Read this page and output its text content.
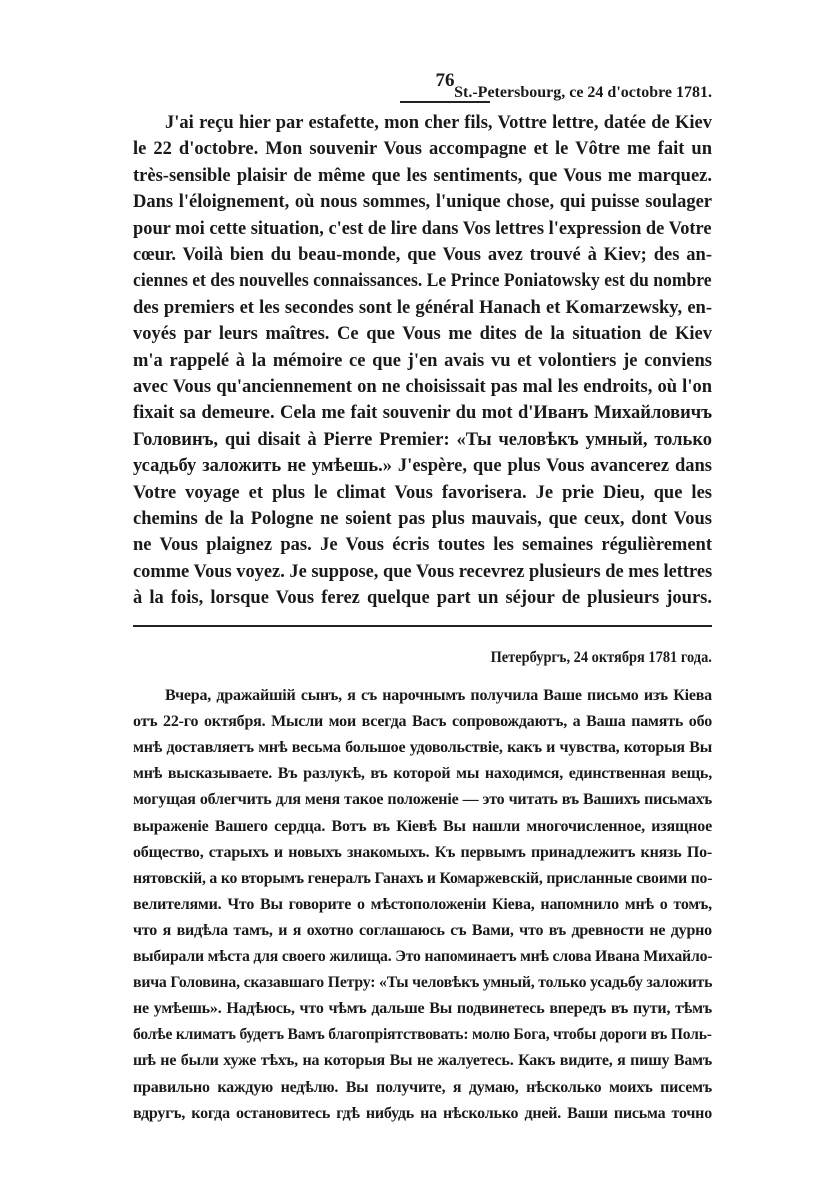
76
St.-Petersbourg, ce 24 d'octobre 1781.
J'ai reçu hier par estafette, mon cher fils, Vottre lettre, datée de Kiev
le 22 d'octobre. Mon souvenir Vous accompagne et le Vôtre me fait un
très-sensible plaisir de même que les sentiments, que Vous me marquez.
Dans l'éloignement, où nous sommes, l'unique chose, qui puisse soulager
pour moi cette situation, c'est de lire dans Vos lettres l'expression de Votre
cœur. Voilà bien du beau-monde, que Vous avez trouvé à Kiev; des an-
ciennes et des nouvelles connaissances. Le Prince Poniatowsky est du nombre
des premiers et les secondes sont le général Hanach et Komarzewsky, en-
voyés par leurs maîtres. Ce que Vous me dites de la situation de Kiev
m'a rappelé à la mémoire ce que j'en avais vu et volontiers je conviens
avec Vous qu'anciennement on ne choisissait pas mal les endroits, où l'on
fixait sa demeure. Cela me fait souvenir du mot d'Иванъ Михайловичъ
Головинъ, qui disait à Pierre Premier: «Ты человѣкъ умный, только
усадьбу заложить не умѣешь.» J'espère, que plus Vous avancerez dans
Votre voyage et plus le climat Vous favorisera. Je prie Dieu, que les
chemins de la Pologne ne soient pas plus mauvais, que ceux, dont Vous
ne Vous plaignez pas. Je Vous écris toutes les semaines régulièrement
comme Vous voyez. Je suppose, que Vous recevrez plusieurs de mes lettres
à la fois, lorsque Vous ferez quelque part un séjour de plusieurs jours.
Петербургъ, 24 октября 1781 года.
Вчера, дражайшій сынъ, я съ нарочнымъ получила Ваше письмо изъ Кіева
отъ 22-го октября. Мысли мои всегда Васъ сопровождаютъ, а Ваша память обо
мнѣ доставляетъ мнѣ весьма большое удовольствіе, какъ и чувства, которыя Вы
мнѣ высказываете. Въ разлукѣ, въ которой мы находимся, единственная вещь,
могущая облегчить для меня такое положеніе — это читать въ Вашихъ письмахъ
выраженіе Вашего сердца. Вотъ въ Кіевѣ Вы нашли многочисленное, изящное
общество, старыхъ и новыхъ знакомыхъ. Къ первымъ принадлежитъ князь По-
нятовскій, а ко вторымъ генералъ Ганахъ и Комаржевскій, присланные своими по-
велителями. Что Вы говорите о мѣстоположеніи Кіева, напомнило мнѣ о томъ,
что я видѣла тамъ, и я охотно соглашаюсь съ Вами, что въ древности не дурно
выбирали мѣста для своего жилища. Это напоминаетъ мнѣ слова Ивана Михайло-
вича Головина, сказавшаго Петру: «Ты человѣкъ умный, только усадьбу заложить
не умѣешь». Надѣюсь, что чѣмъ дальше Вы подвинетесь впередъ въ пути, тѣмъ
болѣе климатъ будетъ Вамъ благопріятствовать: молю Бога, чтобы дороги въ Поль-
шѣ не были хуже тѣхъ, на которыя Вы не жалуетесь. Какъ видите, я пишу Вамъ
правильно каждую недѣлю. Вы получите, я думаю, нѣсколько моихъ писемъ
вдругъ, когда остановитесь гдѣ нибудь на нѣсколько дней. Ваши письма точно
